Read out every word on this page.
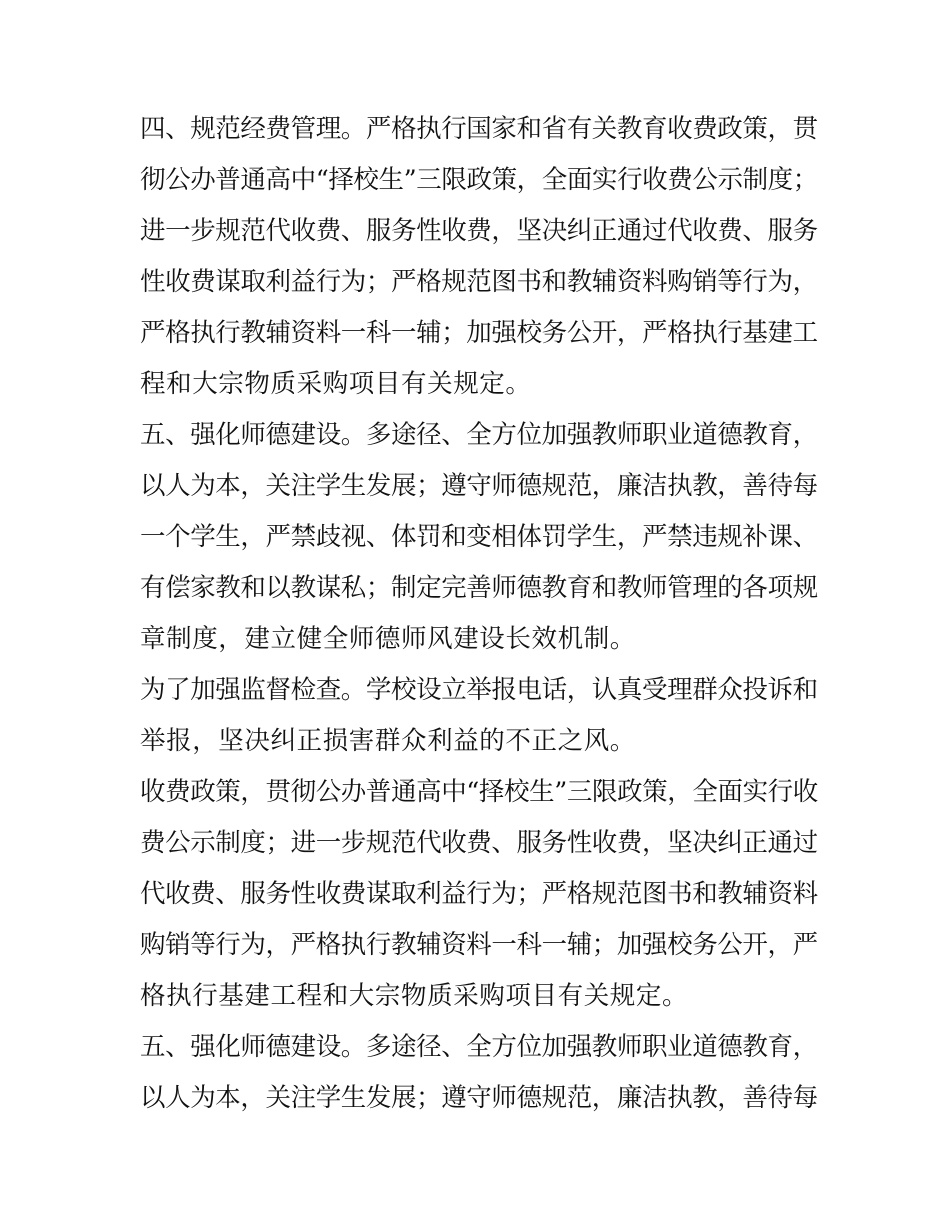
四、规范经费管理。严格执行国家和省有关教育收费政策，贯
彻公办普通高中“择校生”三限政策，全面实行收费公示制度；
进一步规范代收费、服务性收费，坚决纠正通过代收费、服务
性收费谋取利益行为；严格规范图书和教辅资料购销等行为，
严格执行教辅资料一科一辅；加强校务公开，严格执行基建工
程和大宗物质采购项目有关规定。
五、强化师德建设。多途径、全方位加强教师职业道德教育，
以人为本，关注学生发展；遵守师德规范，廉洁执教，善待每
一个学生，严禁歧视、体罚和变相体罚学生，严禁违规补课、
有偿家教和以教谋私；制定完善师德教育和教师管理的各项规
章制度，建立健全师德师风建设长效机制。
为了加强监督检查。学校设立举报电话，认真受理群众投诉和
举报，坚决纠正损害群众利益的不正之风。
收费政策，贯彻公办普通高中“择校生”三限政策，全面实行收
费公示制度；进一步规范代收费、服务性收费，坚决纠正通过
代收费、服务性收费谋取利益行为；严格规范图书和教辅资料
购销等行为，严格执行教辅资料一科一辅；加强校务公开，严
格执行基建工程和大宗物质采购项目有关规定。
五、强化师德建设。多途径、全方位加强教师职业道德教育，
以人为本，关注学生发展；遵守师德规范，廉洁执教，善待每
